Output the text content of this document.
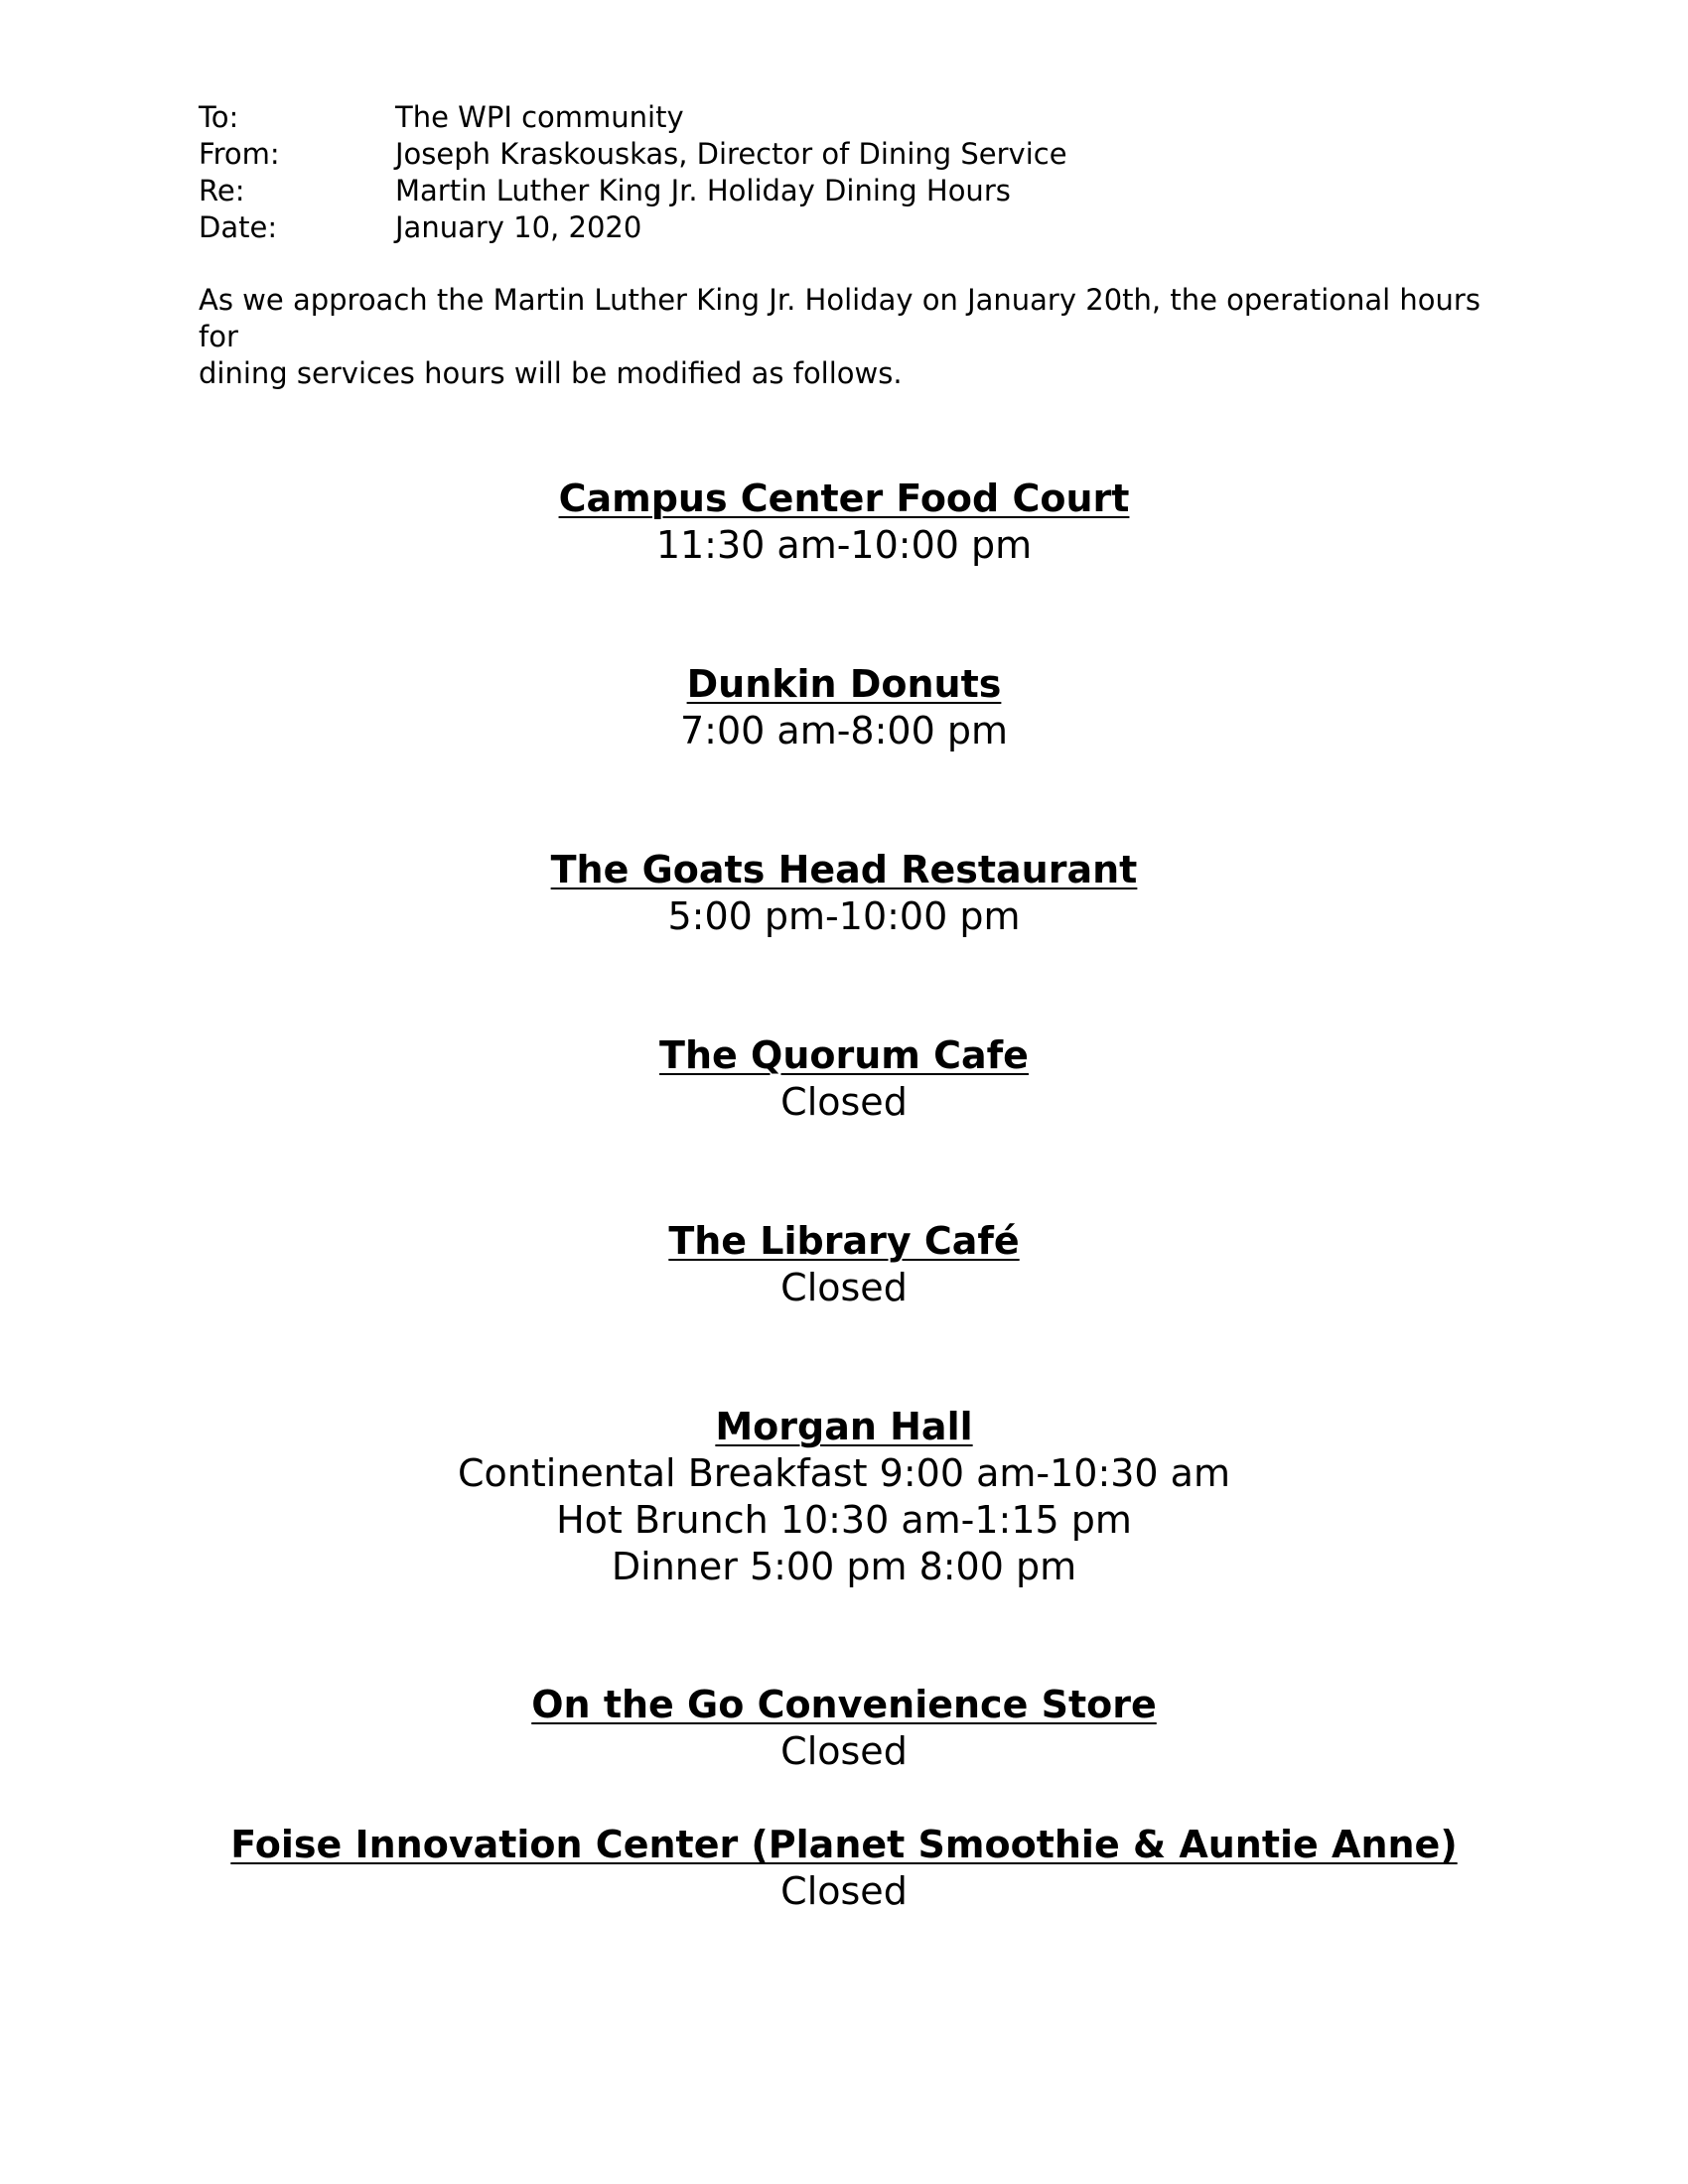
To:	The WPI community
From:	Joseph Kraskouskas, Director of Dining Service
Re:	Martin Luther King Jr. Holiday Dining Hours
Date:	January 10, 2020

As we approach the Martin Luther King Jr. Holiday on January 20th, the operational hours for

dining services hours will be modified as follows.

Campus Center Food Court
11:30 am-10:00 pm
Dunkin Donuts
7:00 am-8:00 pm
The Goats Head Restaurant
5:00 pm-10:00 pm
The Quorum Cafe
Closed
The Library Café
Closed
Morgan Hall
Continental Breakfast 9:00 am-10:30 am
Hot Brunch 10:30 am-1:15 pm
Dinner 5:00 pm 8:00 pm
On the Go Convenience Store
Closed
Foise Innovation Center (Planet Smoothie & Auntie Anne)
Closed
